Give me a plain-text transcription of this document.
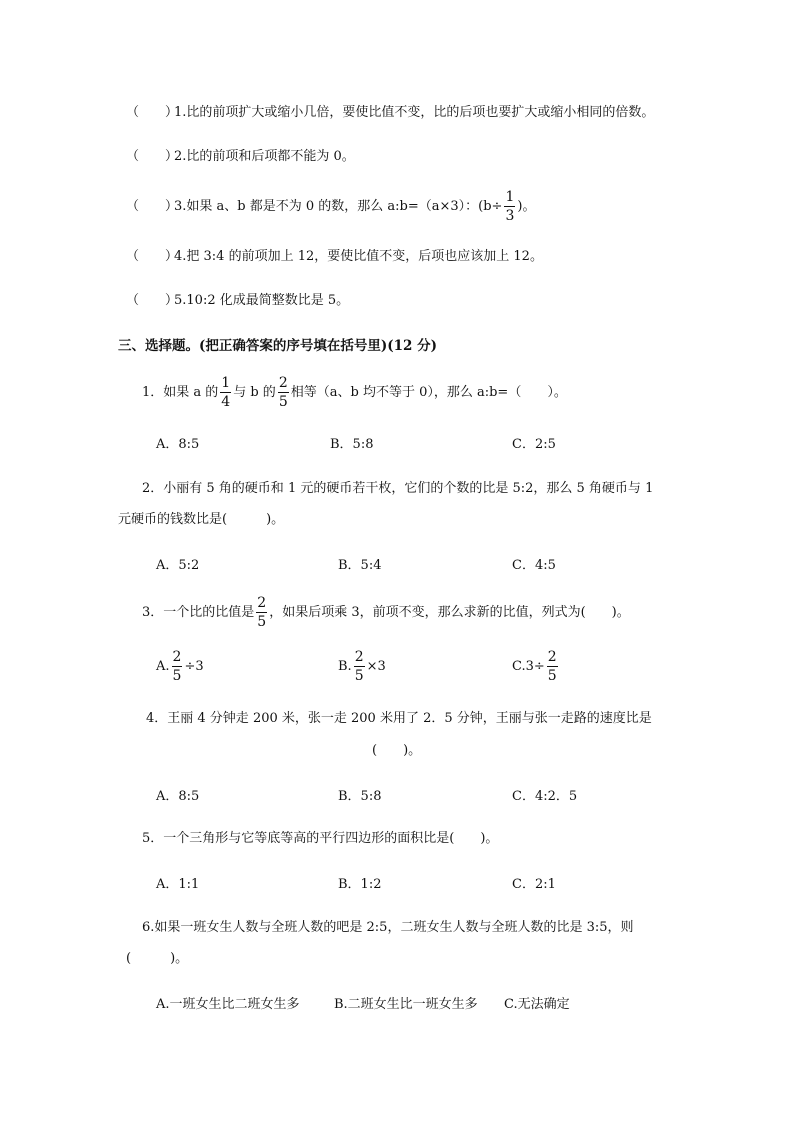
（　　）1.比的前项扩大或缩小几倍，要使比值不变，比的后项也要扩大或缩小相同的倍数。
（　　）2.比的前项和后项都不能为 0。
（　　）3.如果 a、b 都是不为 0 的数，那么 a:b=（a×3）：($b\div \frac{1}{3}$ )。
（　　）4.把 3:4 的前项加上 12，要使比值不变，后项也应该加上 12。
（　　）5.10:2 化成最简整数比是 5。
三、选择题。(把正确答案的序号填在括号里)(12 分)
1．如果 a 的 $\frac{1}{4}$ 与 b 的 $\frac{2}{5}$ 相等（a、b 均不等于 0），那么 a:b=（　　）。
A．8:5	B．5:8	C．2:5
2．小丽有 5 角的硬币和 1 元的硬币若干枚，它们的个数的比是 5:2，那么 5 角硬币与 1
元硬币的钱数比是(　　　)。
A．5:2	B．5:4	C．4:5
3．一个比的比值是 $\frac{2}{5}$ ，如果后项乘 3，前项不变，那么求新的比值，列式为(　　)。
A. $\frac{2}{5} \div 3$	B. $\frac{2}{5} \times 3$	$C.3\div \frac{2}{5}$
4．王丽 4 分钟走 200 米，张一走 200 米用了 2．5 分钟，王丽与张一走路的速度比是
(　　)。
A．8:5	B．5:8	C．4:2．5
5．一个三角形与它等底等高的平行四边形的面积比是(　　)。
A．1:1	B．1:2	C．2:1
6.如果一班女生人数与全班人数的吧是 2:5，二班女生人数与全班人数的比是 3:5，则
(　　　)。
A.一班女生比二班女生多	B.二班女生比一班女生多 C.无法确定
